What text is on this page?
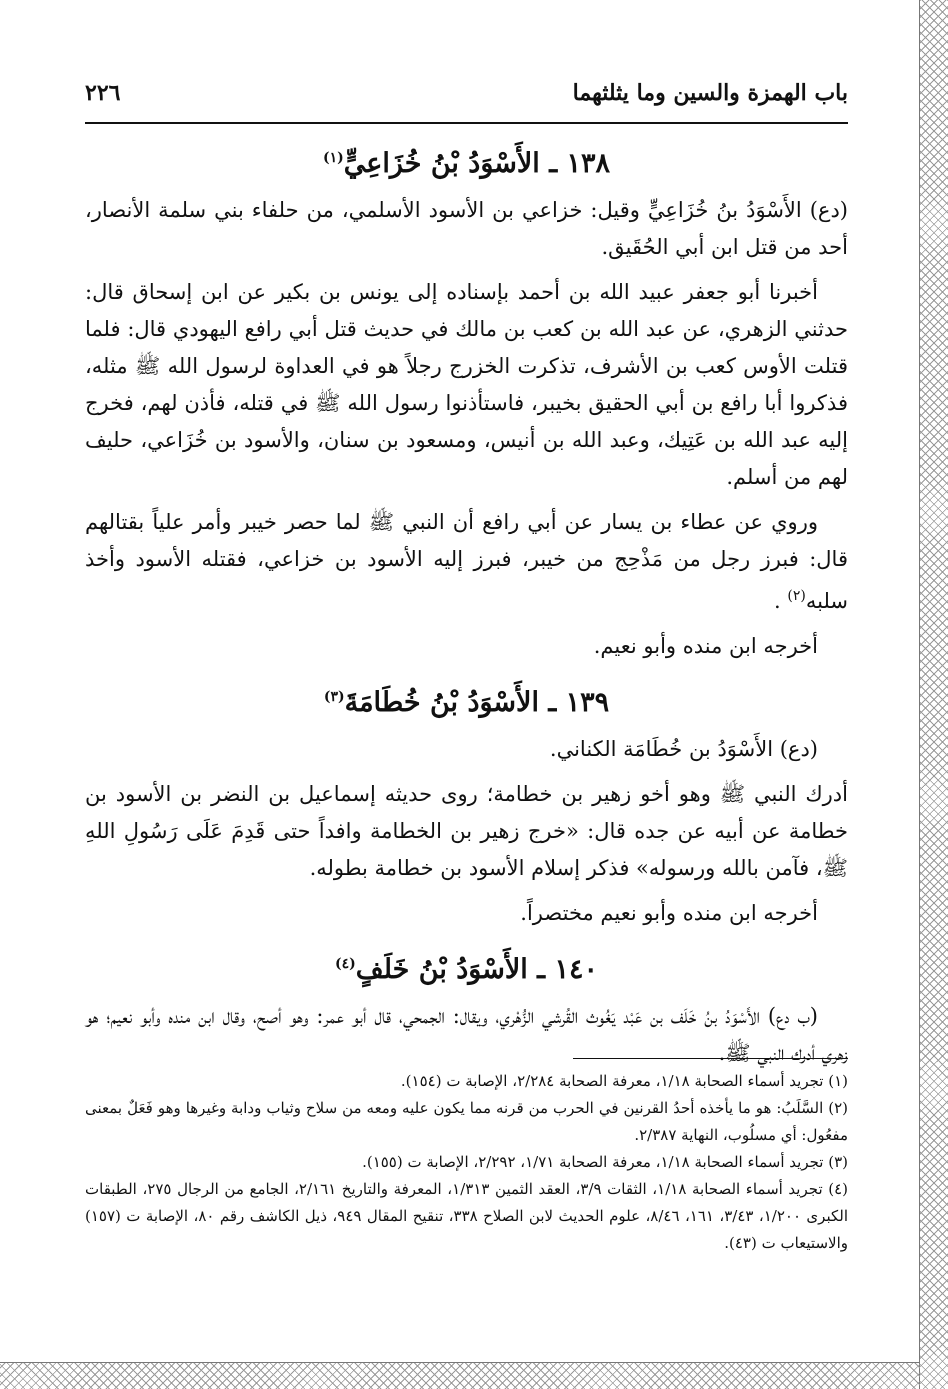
باب الهمزة والسين وما يثلثهما
٢٢٦
١٣٨ ـ الأَسْوَدُ بْنُ خُزَاعِيٍّ$^{(١)}$

(دع) الأَسْوَدُ بنُ خُزَاعِيٍّ وقيل: خزاعي بن الأسود الأسلمي، من حلفاء بني سلمة الأنصار، أحد من قتل ابن أبي الحُقَيق.

أخبرنا أبو جعفر عبيد الله بن أحمد بإسناده إلى يونس بن بكير عن ابن إسحاق قال: حدثني الزهري، عن عبد الله بن كعب بن مالك في حديث قتل أبي رافع اليهودي قال: فلما قتلت الأوس كعب بن الأشرف، تذكرت الخزرج رجلاً هو في العداوة لرسول الله ﷺ مثله، فذكروا أبا رافع بن أبي الحقيق بخيبر، فاستأذنوا رسول الله ﷺ في قتله، فأذن لهم، فخرج إليه عبد الله بن عَتِيك، وعبد الله بن أنيس، ومسعود بن سنان، والأسود بن خُزَاعي، حليف لهم من أسلم.

وروي عن عطاء بن يسار عن أبي رافع أن النبي ﷺ لما حصر خيبر وأمر علياً بقتالهم قال: فبرز رجل من مَذْحِج من خيبر، فبرز إليه الأسود بن خزاعي، فقتله الأسود وأخذ سلبه$^{(٢)}$ .

أخرجه ابن منده وأبو نعيم.

١٣٩ ـ الأَسْوَدُ بْنُ خُطَامَةَ$^{(٣)}$

(دع) الأَسْوَدُ بن خُطَامَة الكناني.

أدرك النبي ﷺ وهو أخو زهير بن خطامة؛ روى حديثه إسماعيل بن النضر بن الأسود بن خطامة عن أبيه عن جده قال: «خرج زهير بن الخطامة وافداً حتى قَدِمَ عَلَى رَسُولِ اللهِ ﷺ، فآمن بالله ورسوله» فذكر إسلام الأسود بن خطامة بطوله.

أخرجه ابن منده وأبو نعيم مختصراً.

١٤٠ ـ الأَسْوَدُ بْنُ خَلَفٍ$^{(٤)}$

(ب دع) الأَسْوَدُ بنُ خَلَف بن عَبْد يَغُوث القُرشي الزُّهْري، ويقال: الجمحي، قال أبو عمر: وهو أصح، وقال ابن منده وأبو نعيم؛ هو زهري أدرك النبي ﷺ.

(١) تجريد أسماء الصحابة ١/١٨، معرفة الصحابة ٢/٢٨٤، الإصابة ت (١٥٤).

(٢) السَّلَبُ: هو ما يأخذه أحدُ القرنين في الحرب من قرنه مما يكون عليه ومعه من سلاح وثياب ودابة وغيرها وهو فَعَلٌ بمعنى مفعُول: أي مسلُوب، النهاية ٢/٣٨٧.

(٣) تجريد أسماء الصحابة ١/١٨، معرفة الصحابة ١/٧١، ٢/٢٩٢، الإصابة ت (١٥٥).

(٤) تجريد أسماء الصحابة ١/١٨، الثقات ٣/٩، العقد الثمين ١/٣١٣، المعرفة والتاريخ ٢/١٦١، الجامع من الرجال ٢٧٥، الطبقات الكبرى ١/٢٠٠، ٣/٤٣، ١٦١، ٨/٤٦، علوم الحديث لابن الصلاح ٣٣٨، تنقيح المقال ٩٤٩، ذيل الكاشف رقم ٨٠، الإصابة ت (١٥٧) والاستيعاب ت (٤٣).
